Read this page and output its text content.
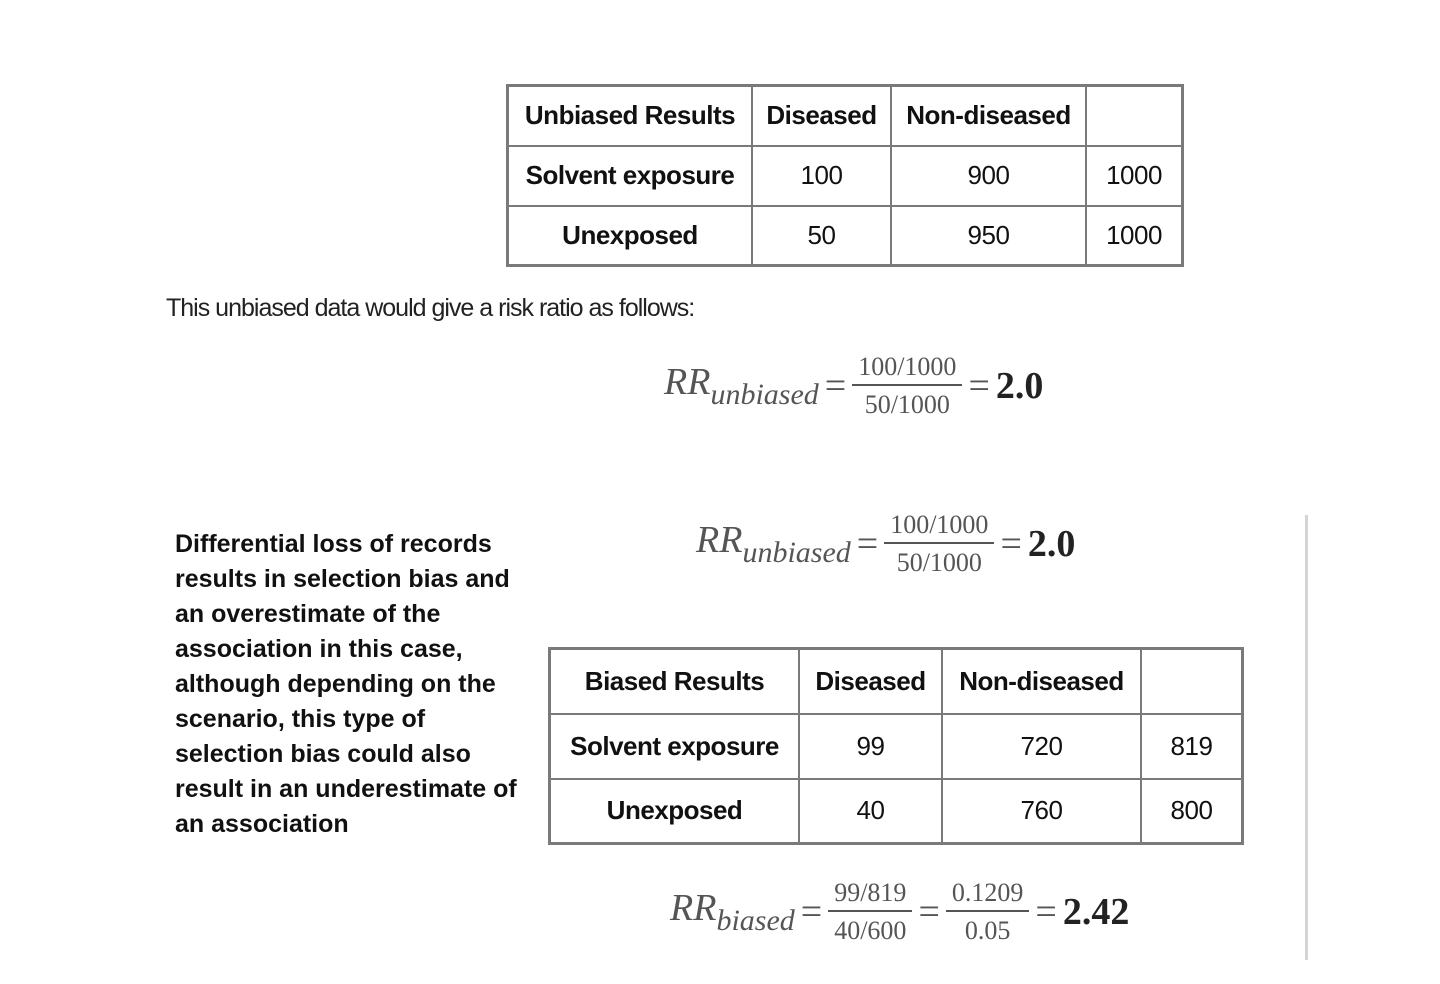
Unbiased Results	Diseased	Non-diseased	
Solvent exposure	100	900	1000
Unexposed	50	950	1000
This unbiased data would give a risk ratio as follows:
$RR_{unbiased} = \frac{100/1000}{50/1000} = 2.0$
Differential loss of records results in selection bias and an overestimate of the association in this case, although depending on the scenario, this type of selection bias could also result in an underestimate of an association
$RR_{unbiased} = \frac{100/1000}{50/1000} = 2.0$
Biased Results	Diseased	Non-diseased	
Solvent exposure	99	720	819
Unexposed	40	760	800
$RR_{biased} = \frac{99/819}{40/600} = \frac{0.1209}{0.05} = 2.42$
